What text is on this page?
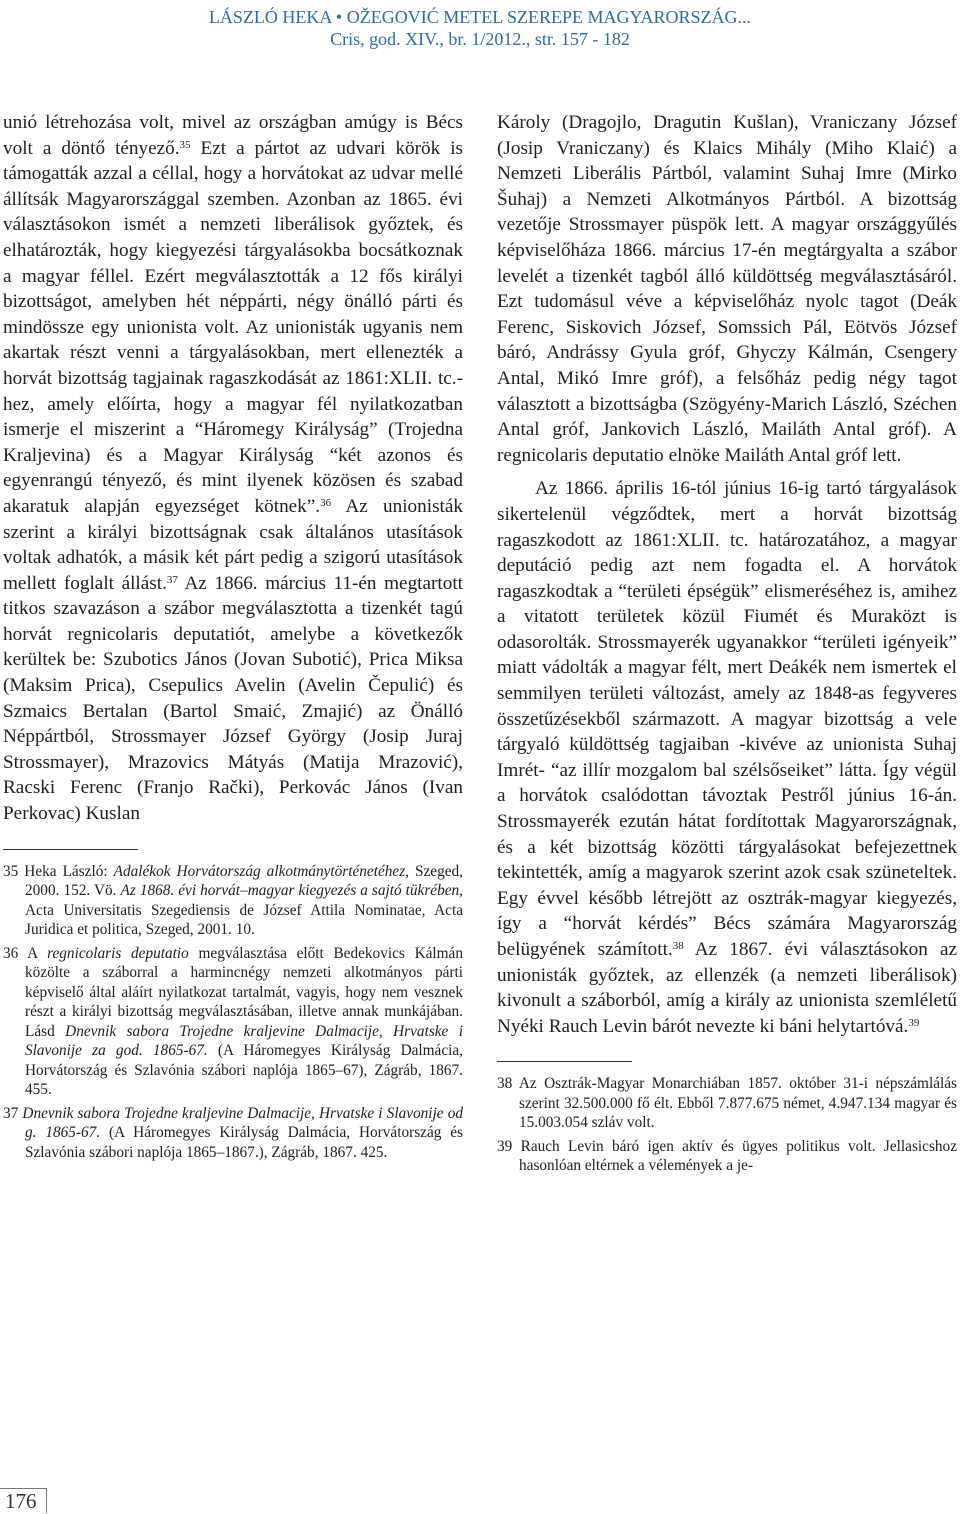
LÁSZLÓ HEKA • OŽEGOVIĆ METEL SZEREPE MAGYARORSZÁG...
Cris, god. XIV., br. 1/2012., str. 157 - 182

unió létrehozása volt, mivel az országban amúgy is Bécs volt a döntő tényező.$^{35}$ Ezt a pártot az udvari körök is támogatták azzal a céllal, hogy a horvátokat az udvar mellé állítsák Magyarországgal szemben. Azonban az 1865. évi választásokon ismét a nemzeti liberálisok győztek, és elhatározták, hogy kiegyezési tárgyalásokba bocsátkoznak a magyar féllel. Ezért megválasztották a 12 fős királyi bizottságot, amelyben hét néppárti, négy önálló párti és mindössze egy unionista volt. Az unionisták ugyanis nem akartak részt venni a tárgyalásokban, mert ellenezték a horvát bizottság tagjainak ragaszkodását az 1861:XLII. tc.-hez, amely előírta, hogy a magyar fél nyilatkozatban ismerje el miszerint a “Háromegy Királyság” (Trojedna Kraljevina) és a Magyar Királyság “két azonos és egyenrangú tényező, és mint ilyenek közösen és szabad akaratuk alapján egyezséget kötnek”.$^{36}$ Az unionisták szerint a királyi bizottságnak csak általános utasítások voltak adhatók, a másik két párt pedig a szigorú utasítások mellett foglalt állást.$^{37}$ Az 1866. március 11-én megtartott titkos szavazáson a szábor megválasztotta a tizenkét tagú horvát regnicolaris deputatiót, amelybe a következők kerültek be: Szubotics János (Jovan Subotić), Prica Miksa (Maksim Prica), Csepulics Avelin (Avelin Čepulić) és Szmaics Bertalan (Bartol Smaić, Zmajić) az Önálló Néppártból, Strossmayer József György (Josip Juraj Strossmayer), Mrazovics Mátyás (Matija Mrazović), Racski Ferenc (Franjo Rački), Perkovác János (Ivan Perkovac) Kuslan

35 Heka László: Adalékok Horvátország alkotmánytörténetéhez, Szeged, 2000. 152. Vö. Az 1868. évi horvát–magyar kiegyezés a sajtó tükrében, Acta Universitatis Szegediensis de József Attila Nominatae, Acta Juridica et politica, Szeged, 2001. 10.
36 A regnicolaris deputatio megválasztása előtt Bedekovics Kálmán közölte a száborral a harmincnégy nemzeti alkotmányos párti képviselő által aláírt nyilatkozat tartalmát, vagyis, hogy nem vesznek részt a királyi bizottság megválasztásában, illetve annak munkájában. Lásd Dnevnik sabora Trojedne kraljevine Dalmacije, Hrvatske i Slavonije za god. 1865-67. (A Háromegyes Királyság Dalmácia, Horvátország és Szlavónia szábori naplója 1865–67), Zágráb, 1867. 455.
37 Dnevnik sabora Trojedne kraljevine Dalmacije, Hrvatske i Slavonije od g. 1865-67. (A Háromegyes Királyság Dalmácia, Horvátország és Szlavónia szábori naplója 1865–1867.), Zágráb, 1867. 425.

Károly (Dragojlo, Dragutin Kušlan), Vraniczany József (Josip Vraniczany) és Klaics Mihály (Miho Klaić) a Nemzeti Liberális Pártból, valamint Suhaj Imre (Mirko Šuhaj) a Nemzeti Alkotmányos Pártból. A bizottság vezetője Strossmayer püspök lett. A magyar országgyűlés képviselőháza 1866. március 17-én megtárgyalta a szábor levelét a tizenkét tagból álló küldöttség megválasztásáról. Ezt tudomásul véve a képviselőház nyolc tagot (Deák Ferenc, Siskovich József, Somssich Pál, Eötvös József báró, Andrássy Gyula gróf, Ghyczy Kálmán, Csengery Antal, Mikó Imre gróf), a felsőház pedig négy tagot választott a bizottságba (Szögyény-Marich László, Széchen Antal gróf, Jankovich László, Mailáth Antal gróf). A regnicolaris deputatio elnöke Mailáth Antal gróf lett.

Az 1866. április 16-tól június 16-ig tartó tárgyalások sikertelenül végződtek, mert a horvát bizottság ragaszkodott az 1861:XLII. tc. határozatához, a magyar deputáció pedig azt nem fogadta el. A horvátok ragaszkodtak a “területi épségük” elismeréséhez is, amihez a vitatott területek közül Fiumét és Muraközt is odasorolták. Strossmayerék ugyanakkor “területi igényeik” miatt vádolták a magyar félt, mert Deákék nem ismertek el semmilyen területi változást, amely az 1848-as fegyveres összetűzésekből származott. A magyar bizottság a vele tárgyaló küldöttség tagjaiban -kivéve az unionista Suhaj Imrét- “az illír mozgalom bal szélsőseiket” látta. Így végül a horvátok csalódottan távoztak Pestről június 16-án. Strossmayerék ezután hátat fordítottak Magyarországnak, és a két bizottság közötti tárgyalásokat befejezettnek tekintették, amíg a magyarok szerint azok csak szüneteltek. Egy évvel később létrejött az osztrák-magyar kiegyezés, így a “horvát kérdés” Bécs számára Magyarország belügyének számított.$^{38}$ Az 1867. évi választásokon az unionisták győztek, az ellenzék (a nemzeti liberálisok) kivonult a száborból, amíg a király az unionista szemléletű Nyéki Rauch Levin bárót nevezte ki báni helytartóvá.$^{39}$

38 Az Osztrák-Magyar Monarchiában 1857. október 31-i népszámlálás szerint 32.500.000 fő élt. Ebből 7.877.675 német, 4.947.134 magyar és 15.003.054 szláv volt.
39 Rauch Levin báró igen aktív és ügyes politikus volt. Jellasicshoz hasonlóan eltérnek a vélemények a je-
176
